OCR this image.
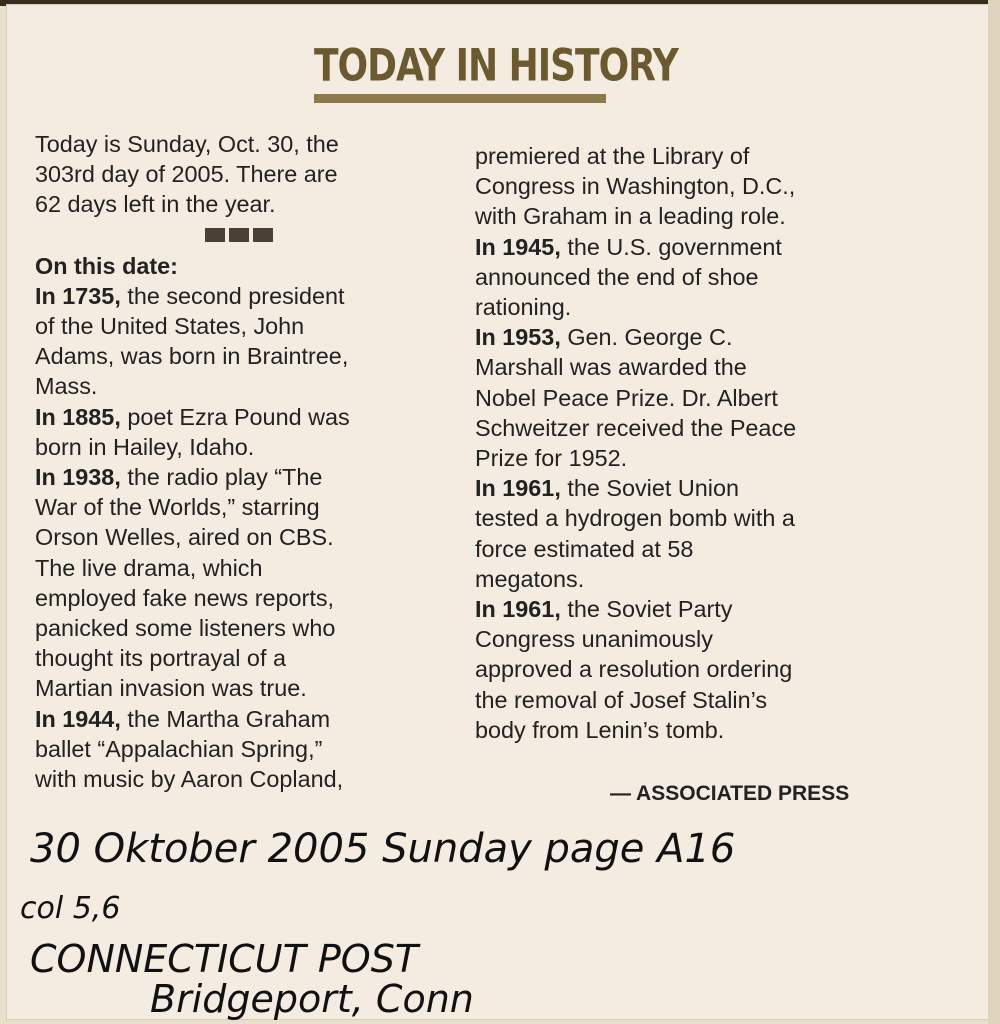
TODAY IN HISTORY
Today is Sunday, Oct. 30, the
303rd day of 2005. There are
62 days left in the year.
On this date:
In 1735, the second president
of the United States, John
Adams, was born in Braintree,
Mass.
In 1885, poet Ezra Pound was
born in Hailey, Idaho.
In 1938, the radio play “The
War of the Worlds,” starring
Orson Welles, aired on CBS.
The live drama, which
employed fake news reports,
panicked some listeners who
thought its portrayal of a
Martian invasion was true.
In 1944, the Martha Graham
ballet “Appalachian Spring,”
with music by Aaron Copland,
premiered at the Library of
Congress in Washington, D.C.,
with Graham in a leading role.
In 1945, the U.S. government
announced the end of shoe
rationing.
In 1953, Gen. George C.
Marshall was awarded the
Nobel Peace Prize. Dr. Albert
Schweitzer received the Peace
Prize for 1952.
In 1961, the Soviet Union
tested a hydrogen bomb with a
force estimated at 58
megatons.
In 1961, the Soviet Party
Congress unanimously
approved a resolution ordering
the removal of Josef Stalin’s
body from Lenin’s tomb.
— ASSOCIATED PRESS
30 Oktober 2005 Sunday page A16
col 5,6
CONNECTICUT POST
Bridgeport, Conn
